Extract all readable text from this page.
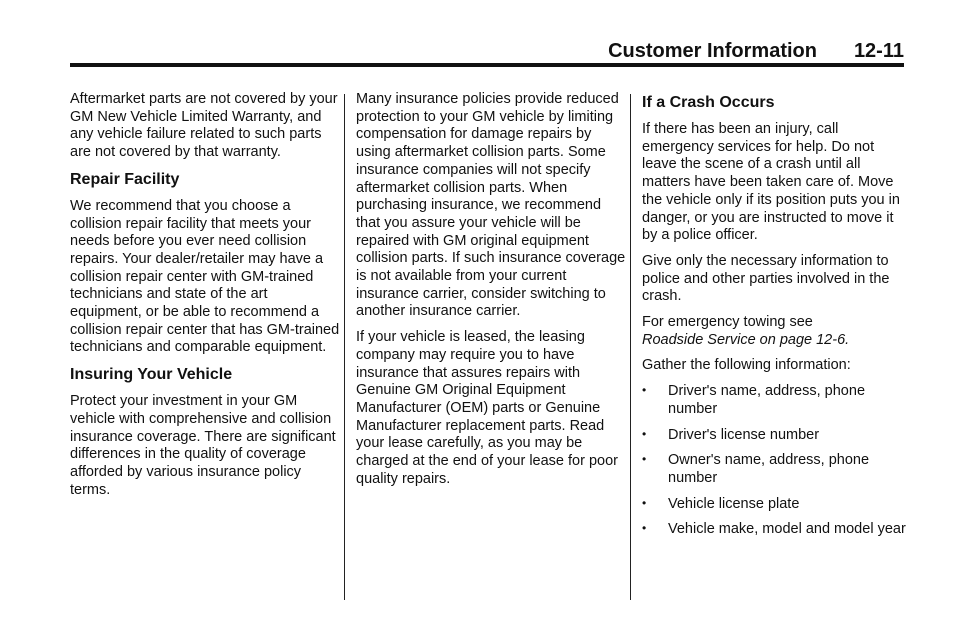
Customer Information 12-11

Aftermarket parts are not covered by your GM New Vehicle Limited Warranty, and any vehicle failure related to such parts are not covered by that warranty.

Repair Facility

We recommend that you choose a collision repair facility that meets your needs before you ever need collision repairs. Your dealer/retailer may have a collision repair center with GM-trained technicians and state of the art equipment, or be able to recommend a collision repair center that has GM-trained technicians and comparable equipment.

Insuring Your Vehicle

Protect your investment in your GM vehicle with comprehensive and collision insurance coverage. There are significant differences in the quality of coverage afforded by various insurance policy terms.

Many insurance policies provide reduced protection to your GM vehicle by limiting compensation for damage repairs by using aftermarket collision parts. Some insurance companies will not specify aftermarket collision parts. When purchasing insurance, we recommend that you assure your vehicle will be repaired with GM original equipment collision parts. If such insurance coverage is not available from your current insurance carrier, consider switching to another insurance carrier.

If your vehicle is leased, the leasing company may require you to have insurance that assures repairs with Genuine GM Original Equipment Manufacturer (OEM) parts or Genuine Manufacturer replacement parts. Read your lease carefully, as you may be charged at the end of your lease for poor quality repairs.

If a Crash Occurs

If there has been an injury, call emergency services for help. Do not leave the scene of a crash until all matters have been taken care of. Move the vehicle only if its position puts you in danger, or you are instructed to move it by a police officer.

Give only the necessary information to police and other parties involved in the crash.

For emergency towing see
Roadside Service on page 12-6.

Gather the following information:

• Driver's name, address, phone number
• Driver's license number
• Owner's name, address, phone number
• Vehicle license plate
• Vehicle make, model and model year
